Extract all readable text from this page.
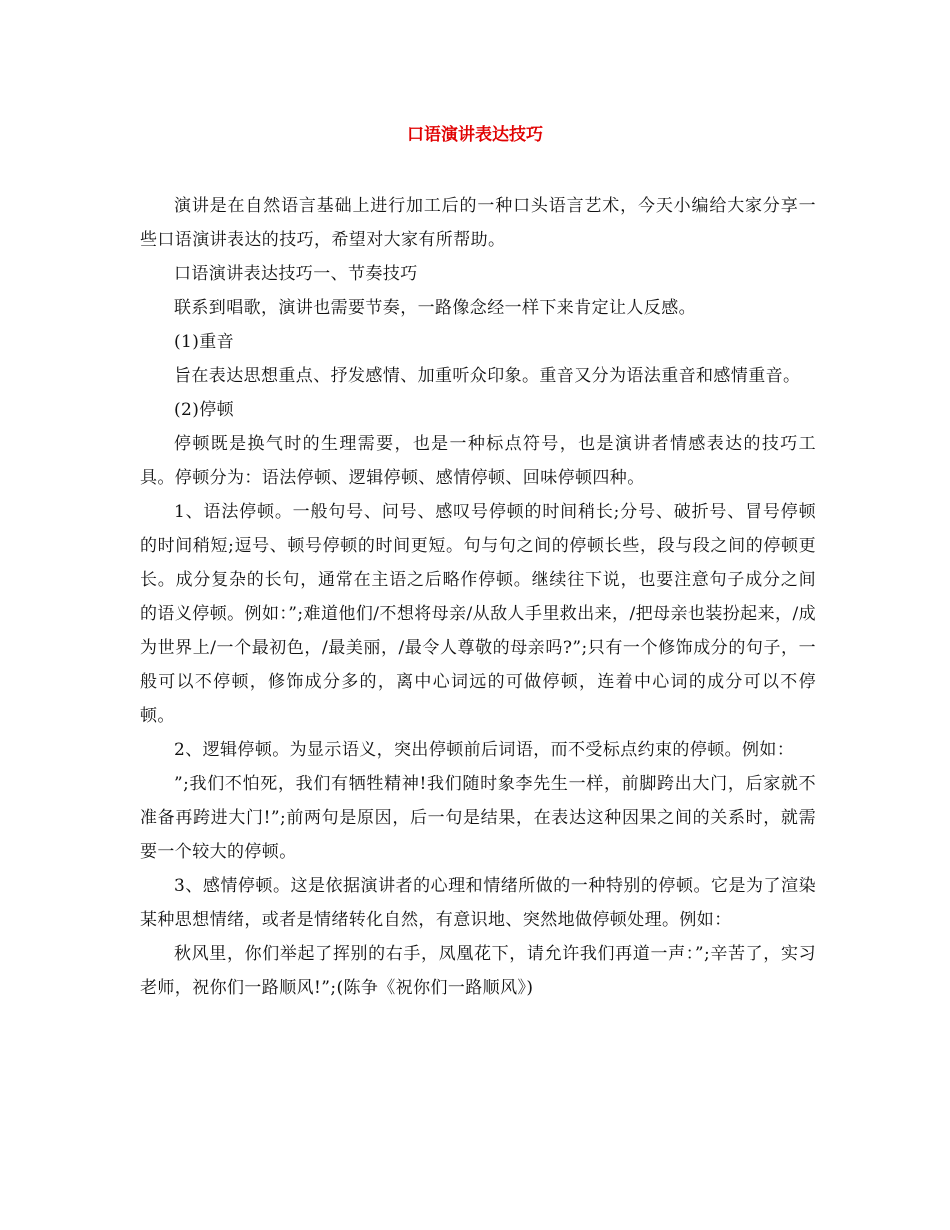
口语演讲表达技巧

演讲是在自然语言基础上进行加工后的一种口头语言艺术，今天小编给大家分享一些口语演讲表达的技巧，希望对大家有所帮助。

口语演讲表达技巧一、节奏技巧

联系到唱歌，演讲也需要节奏，一路像念经一样下来肯定让人反感。

(1)重音

旨在表达思想重点、抒发感情、加重听众印象。重音又分为语法重音和感情重音。

(2)停顿

停顿既是换气时的生理需要，也是一种标点符号，也是演讲者情感表达的技巧工具。停顿分为：语法停顿、逻辑停顿、感情停顿、回味停顿四种。

1、语法停顿。一般句号、问号、感叹号停顿的时间稍长;分号、破折号、冒号停顿的时间稍短;逗号、顿号停顿的时间更短。句与句之间的停顿长些，段与段之间的停顿更长。成分复杂的长句，通常在主语之后略作停顿。继续往下说，也要注意句子成分之间的语义停顿。例如：”;难道他们/不想将母亲/从敌人手里救出来，/把母亲也装扮起来，/成为世界上/一个最初色，/最美丽，/最令人尊敬的母亲吗?”;只有一个修饰成分的句子，一般可以不停顿，修饰成分多的，离中心词远的可做停顿，连着中心词的成分可以不停顿。

2、逻辑停顿。为显示语义，突出停顿前后词语，而不受标点约束的停顿。例如：

”;我们不怕死，我们有牺牲精神!我们随时象李先生一样，前脚跨出大门，后家就不准备再跨进大门!”;前两句是原因，后一句是结果，在表达这种因果之间的关系时，就需要一个较大的停顿。

3、感情停顿。这是依据演讲者的心理和情绪所做的一种特别的停顿。它是为了渲染某种思想情绪，或者是情绪转化自然，有意识地、突然地做停顿处理。例如：

秋风里，你们举起了挥别的右手，凤凰花下，请允许我们再道一声：”;辛苦了，实习老师，祝你们一路顺风!”;(陈争《祝你们一路顺风》)
